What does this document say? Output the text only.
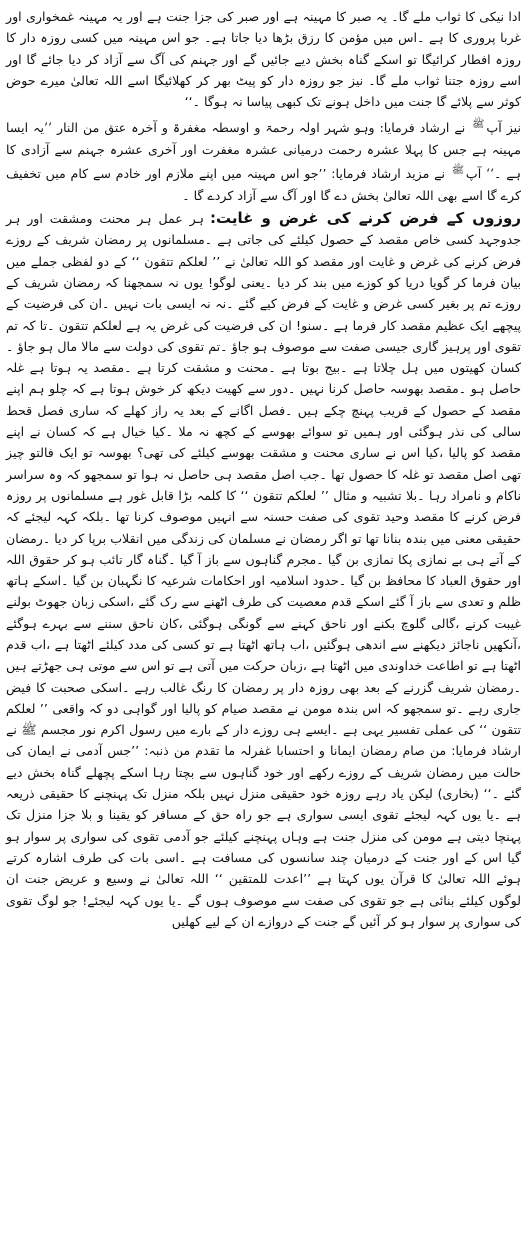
ادا نیکی کا ثواب ملے گا۔ یہ صبر کا مہینہ ہے اور صبر کی جزا جنت ہے اور یہ مہینہ غمخواری اور غربا پروری کا ہے ۔اس میں مؤمن کا رزق بڑھا دیا جاتا ہے۔ جو اس مہینہ میں کسی روزہ دار کا روزہ افطار کرائیگا تو اسکے گناہ بخش دیے جائیں گے اور جہنم کی آگ سے آزاد کر دیا جائے گا اور اسے روزہ جتنا ثواب ملے گا۔ نیز جو روزہ دار کو پیٹ بھر کر کھلائیگا اسے اللہ تعالیٰ میرے حوض کوثر سے پلائے گا جنت میں داخل ہونے تک کبھی پیاسا نہ ہوگا ۔‘‘

نیز آپ$^ﷺ$ نے ارشاد فرمایا: وہو شہر اولہ رحمۃ و اوسطہ مغفرۃ و آخرہ عتق من النار ’’یہ ایسا مہینہ ہے جس کا پہلا عشرہ رحمت درمیانی عشرہ مغفرت اور آخری عشرہ جہنم سے آزادی کا ہے ۔‘‘ آپ$^ﷺ$ نے مزید ارشاد فرمایا: ’’جو اس مہینہ میں اپنے ملازم اور خادم سے کام میں تخفیف کرے گا اسے بھی اللہ تعالیٰ بخش دے گا اور آگ سے آزاد کردے گا ۔

روزوں کے فرض کرنے کی غرض و غایت:ہر عمل ہر محنت ومشقت اور ہر جدوجہد کسی خاص مقصد کے حصول کیلئے کی جاتی ہے ۔مسلمانوں پر رمضان شریف کے روزے فرض کرنے کی غرض و غایت اور مقصد کو اللہ تعالیٰ نے ’’ لعلکم تتقون ‘‘ کے دو لفظی جملے میں بیان فرما کر گویا دریا کو کوزے میں بند کر دیا ۔یعنی لوگو! یوں نہ سمجھنا کہ رمضان شریف کے روزے تم پر بغیر کسی غرض و غایت کے فرض کیے گئے ۔نہ نہ ایسی بات نہیں ۔ان کی فرضیت کے پیچھے ایک عظیم مقصد کار فرما ہے ۔سنو! ان کی فرضیت کی غرض یہ ہے لعلکم تتقون ۔تا کہ تم تقوی اور پرہیز گاری جیسی صفت سے موصوف ہو جاؤ ۔تم تقوی کی دولت سے مالا مال ہو جاؤ ۔کسان کھیتوں میں ہل چلاتا ہے ۔بیج بوتا ہے ۔محنت و مشقت کرتا ہے ۔مقصد یہ ہوتا ہے غلہ حاصل ہو ۔مقصد بھوسہ حاصل کرنا نہیں ۔دور سے کھیت دیکھ کر خوش ہوتا ہے کہ چلو ہم اپنے مقصد کے حصول کے قریب پہنچ چکے ہیں ۔فصل اگانے کے بعد یہ راز کھلے کہ ساری فصل قحط سالی کی نذر ہوگئی اور ہمیں تو سوائے بھوسے کے کچھ نہ ملا ۔کیا خیال ہے کہ کسان نے اپنے مقصد کو پالیا ،کیا اس نے ساری محنت و مشقت بھوسے کیلئے کی تھی؟ بھوسہ تو ایک فالتو چیز تھی اصل مقصد تو غلہ کا حصول تھا ۔جب اصل مقصد ہی حاصل نہ ہوا تو سمجھو کہ وہ سراسر ناکام و نامراد رہا ۔بلا تشبیہ و مثال ’’ لعلکم تتقون ‘‘ کا کلمہ بڑا قابل غور ہے مسلمانوں پر روزہ فرض کرنے کا مقصد وحید تقوی کی صفت حسنہ سے انہیں موصوف کرنا تھا ۔بلکہ کہہ لیجئے کہ حقیقی معنی میں بندہ بنانا تھا تو اگر رمضان نے مسلمان کی زندگی میں انقلاب برپا کر دیا ۔رمضان کے آتے ہی بے نمازی پکا نمازی بن گیا ۔مجرم گناہوں سے باز آ گیا ۔گناہ گار تائب ہو کر حقوق اللہ اور حقوق العباد کا محافظ بن گیا ۔حدود اسلامیہ اور احکامات شرعیہ کا نگہبان بن گیا ۔اسکے ہاتھ ظلم و تعدی سے باز آ گئے اسکے قدم معصیت کی طرف اٹھنے سے رک گئے ،اسکی زبان جھوٹ بولنے غیبت کرنے ،گالی گلوچ بکنے اور ناحق کہنے سے گونگی ہوگئی ،کان ناحق سننے سے بہرے ہوگئے ،آنکھیں ناجائز دیکھنے سے اندھی ہوگئیں ،اب ہاتھ اٹھتا ہے تو کسی کی مدد کیلئے اٹھتا ہے ،اب قدم اٹھتا ہے تو اطاعت خداوندی میں اٹھتا ہے ،زبان حرکت میں آتی ہے تو اس سے موتی ہی جھڑتے ہیں ۔رمضان شریف گزرنے کے بعد بھی روزہ دار پر رمضان کا رنگ غالب رہے ۔اسکی صحبت کا فیض جاری رہے ۔تو سمجھو کہ اس بندہ مومن نے مقصد صیام کو پالیا اور گواہی دو کہ واقعی ’’ لعلکم تتقون ‘‘ کی عملی تفسیر یہی ہے ۔ایسے ہی روزے دار کے بارے میں رسول اکرم نور مجسم ﷺ نے ارشاد فرمایا: من صام رمضان ایمانا و احتسابا غفرلہ ما تقدم من ذنبہ: ’’جس آدمی نے ایمان کی حالت میں رمضان شریف کے روزے رکھے اور خود گناہوں سے بچتا رہا اسکے پچھلے گناہ بخش دیے گئے ۔‘‘ (بخاری) لیکن یاد رہے روزہ خود حقیقی منزل نہیں بلکہ منزل تک پہنچنے کا حقیقی ذریعہ ہے ۔یا یوں کہہ لیجئے تقوی ایسی سواری ہے جو راہ حق کے مسافر کو یقینا و بلا جزا منزل تک پہنچا دیتی ہے مومن کی منزل جنت ہے وہاں پہنچنے کیلئے جو آدمی تقوی کی سواری پر سوار ہو گیا اس کے اور جنت کے درمیان چند سانسوں کی مسافت ہے ۔اسی بات کی طرف اشارہ کرتے ہوئے اللہ تعالیٰ کا قرآن یوں کہتا ہے ’’اعدت للمتقین ‘‘ اللہ تعالیٰ نے وسیع و عریض جنت ان لوگوں کیلئے بنائی ہے جو تقوی کی صفت سے موصوف ہوں گے ۔یا یوں کہہ لیجئے! جو لوگ تقوی کی سواری پر سوار ہو کر آئیں گے جنت کے دروازے ان کے لیے کھلیں
